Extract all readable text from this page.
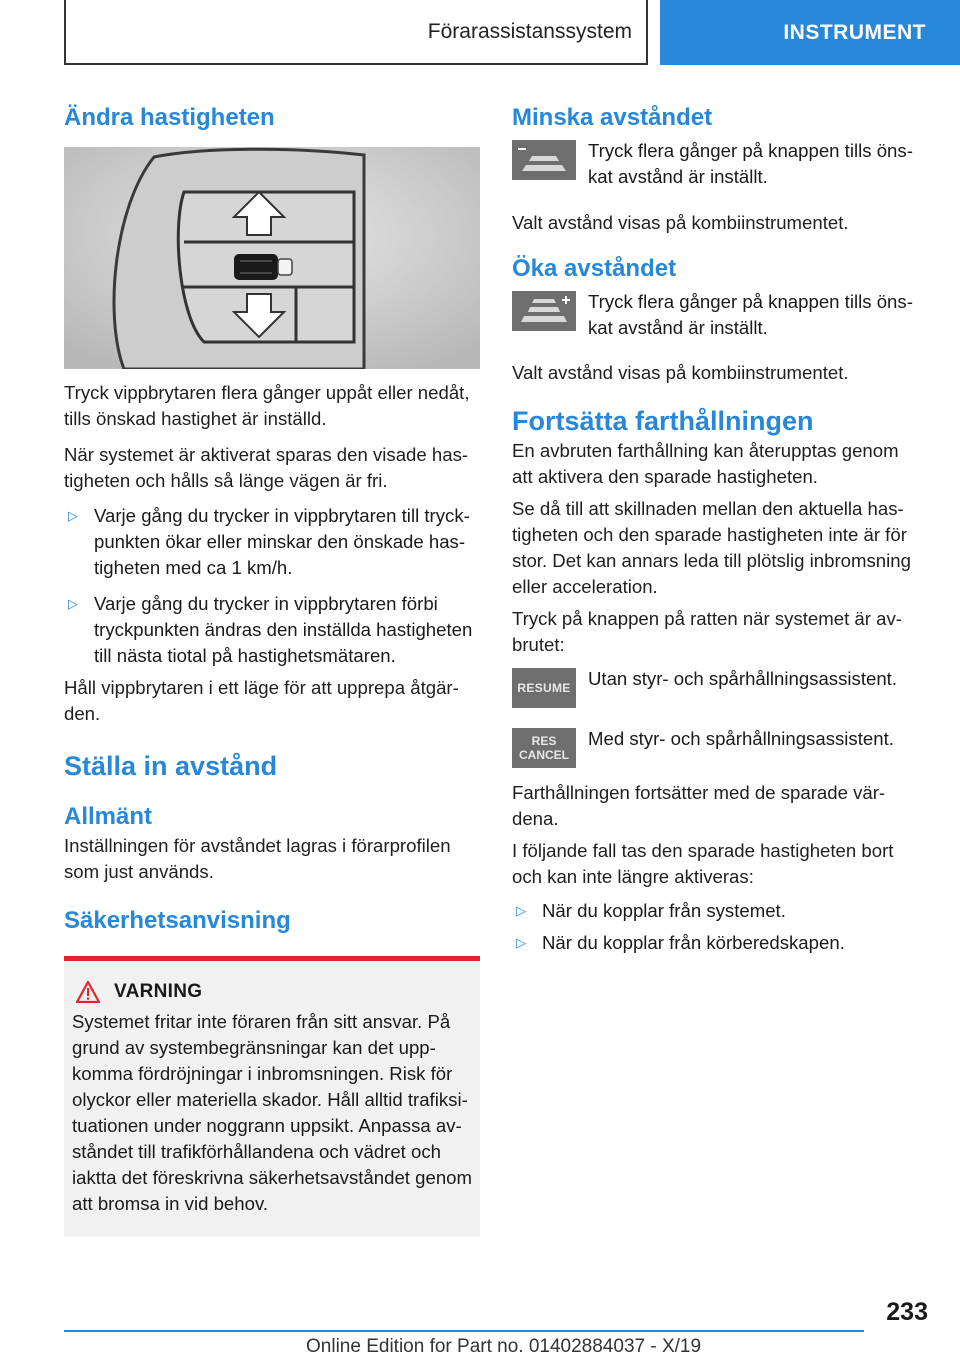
Förarassistanssystem	INSTRUMENT
Ändra hastigheten

Tryck vippbrytaren flera gånger uppåt eller nedåt, tills önskad hastighet är inställd.

När systemet är aktiverat sparas den visade hastigheten och hålls så länge vägen är fri.

▷ Varje gång du trycker in vippbrytaren till tryckpunkten ökar eller minskar den önskade hastigheten med ca 1 km/h.
▷ Varje gång du trycker in vippbrytaren förbi tryckpunkten ändras den inställda hastigheten till nästa tiotal på hastighetsmätaren.

Håll vippbrytaren i ett läge för att upprepa åtgärden.

Ställa in avstånd
Allmänt

Inställningen för avståndet lagras i förarprofilen som just används.

Säkerhetsanvisning
VARNING
Systemet fritar inte föraren från sitt ansvar. På grund av systembegränsningar kan det uppkomma fördröjningar i inbromsningen. Risk för olyckor eller materiella skador. Håll alltid trafiksituationen under noggrann uppsikt. Anpassa avståndet till trafikförhållandena och vädret och iaktta det föreskrivna säkerhetsavståndet genom att bromsa in vid behov.
Minska avståndet
Tryck flera gånger på knappen tills önskat avstånd är inställt.

Valt avstånd visas på kombiinstrumentet.

Öka avståndet
Tryck flera gånger på knappen tills önskat avstånd är inställt.

Valt avstånd visas på kombiinstrumentet.

Fortsätta farthållningen

En avbruten farthållning kan återupptas genom att aktivera den sparade hastigheten.

Se då till att skillnaden mellan den aktuella hastigheten och den sparade hastigheten inte är för stor. Det kan annars leda till plötslig inbromsning eller acceleration.

Tryck på knappen på ratten när systemet är avbrutet:

RESUME Utan styr- och spårhållningsassistent.
RES
CANCEL
Med styr- och spårhållningsassistent.

Farthållningen fortsätter med de sparade värdena.

I följande fall tas den sparade hastigheten bort och kan inte längre aktiveras:

▷ När du kopplar från systemet.
▷ När du kopplar från körberedskapen.
233
Online Edition for Part no. 01402884037 - X/19
